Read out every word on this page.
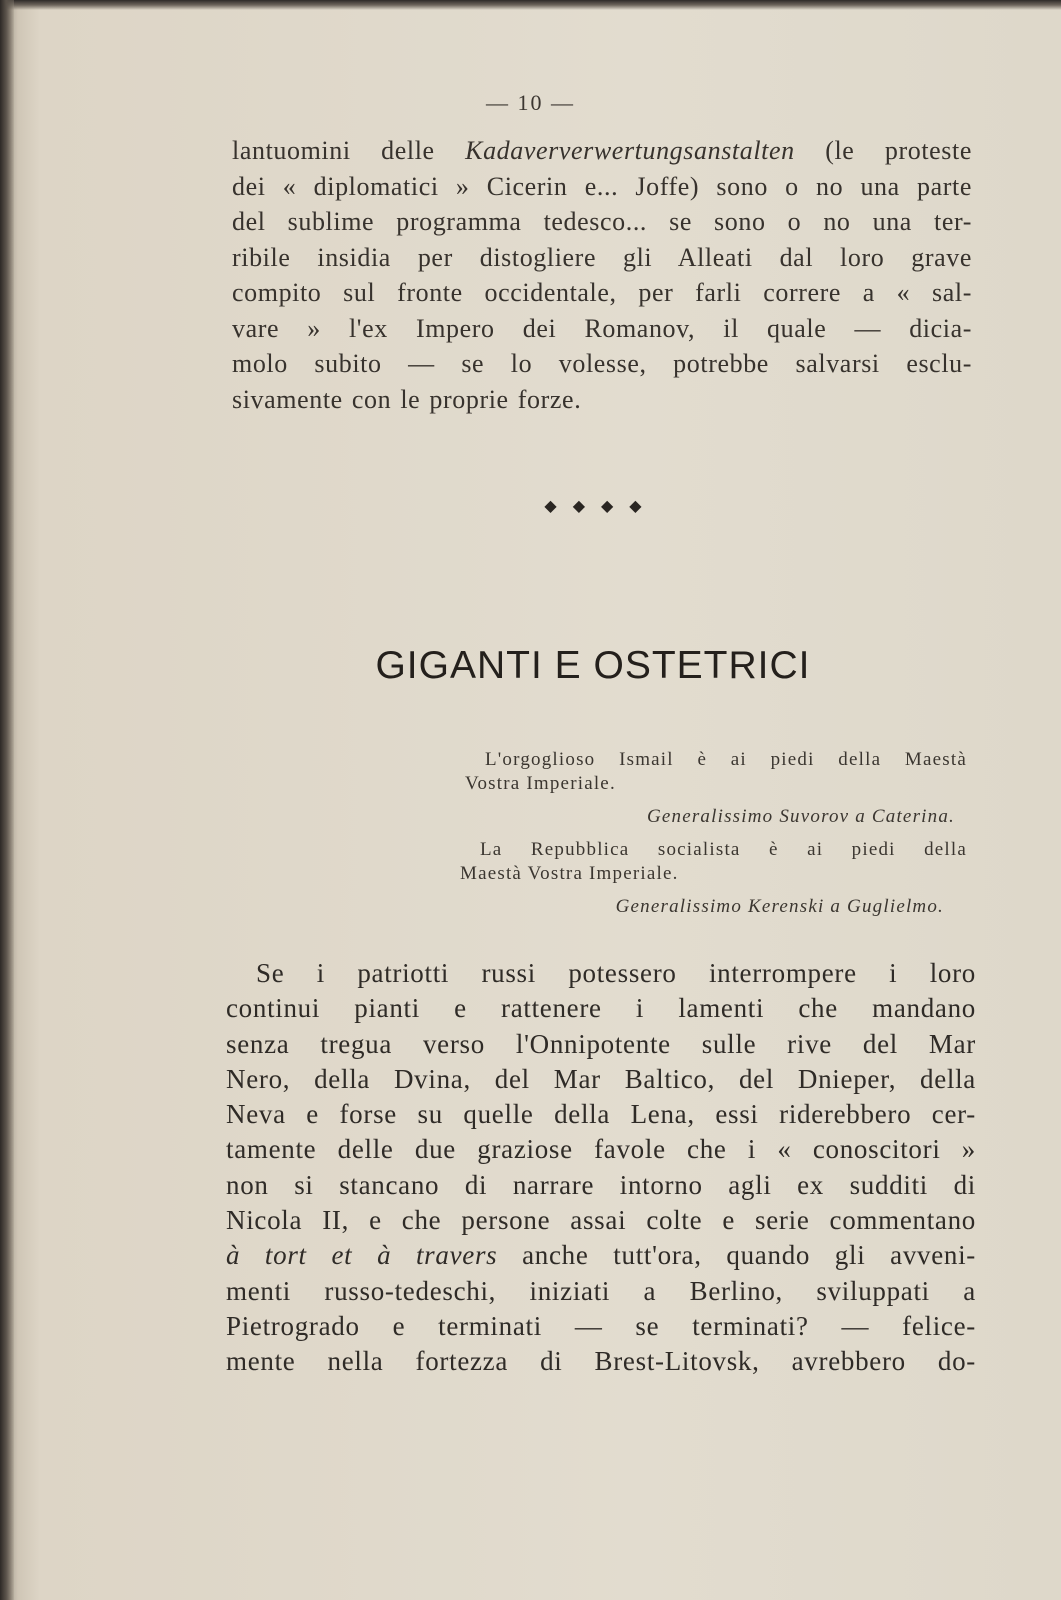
— 10 —

lantuomini delle Kadaververwertungsanstalten (le proteste
dei « diplomatici » Cicerin e... Joffe) sono o no una parte
del sublime programma tedesco... se sono o no una ter-
ribile insidia per distogliere gli Alleati dal loro grave
compito sul fronte occidentale, per farli correre a « sal-
vare » l'ex Impero dei Romanov, il quale — dicia-
molo subito — se lo volesse, potrebbe salvarsi esclu-
sivamente con le proprie forze.

◆ ◆ ◆ ◆
GIGANTI E OSTETRICI

L'orgoglioso Ismail è ai piedi della Maestà
Vostra Imperiale.

Generalissimo Suvorov a Caterina.

La Repubblica socialista è ai piedi della
Maestà Vostra Imperiale.

Generalissimo Kerenski a Guglielmo.

Se i patriotti russi potessero interrompere i loro
continui pianti e rattenere i lamenti che mandano
senza tregua verso l'Onnipotente sulle rive del Mar
Nero, della Dvina, del Mar Baltico, del Dnieper, della
Neva e forse su quelle della Lena, essi riderebbero cer-
tamente delle due graziose favole che i « conoscitori »
non si stancano di narrare intorno agli ex sudditi di
Nicola II, e che persone assai colte e serie commentano
à tort et à travers anche tutt'ora, quando gli avveni-
menti russo-tedeschi, iniziati a Berlino, sviluppati a
Pietrogrado e terminati — se terminati? — felice-
mente nella fortezza di Brest-Litovsk, avrebbero do-
